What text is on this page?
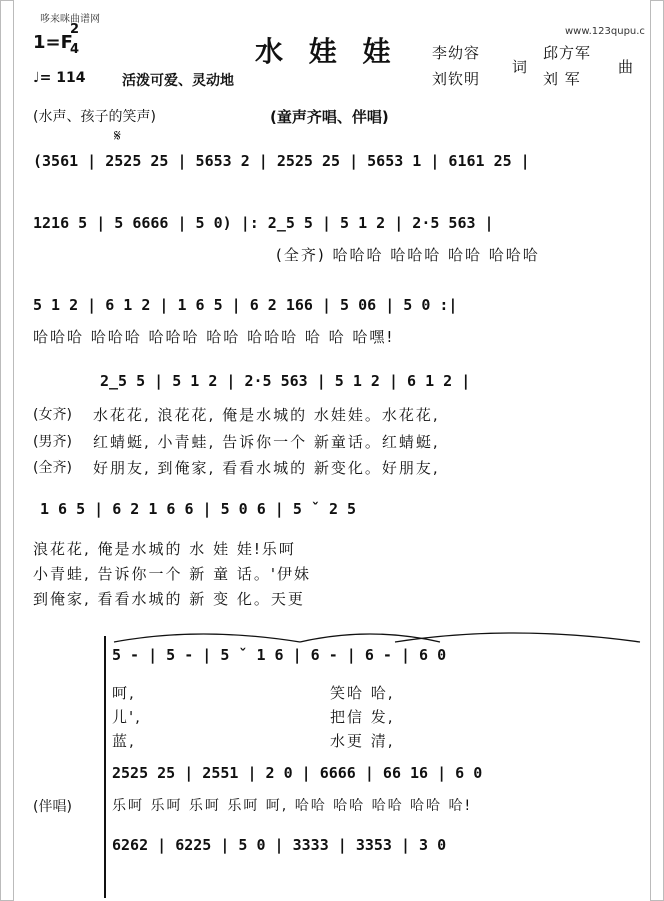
哆来咪曲谱网
www.123qupu.c
1=F
2
4	水 娃 娃 李幼容
刘钦明
词
邱方军
刘 军
曲
♩= 114	活泼可爱、灵动地
(水声、孩子的笑声)	(童声齐唱、伴唱)
𝄋
(3561 | 2525 25 | 5653 2 | 2525 25 | 5653 1 | 6161 25 |
1216 5 | 5 6666 | 5 0) |: 2̲5 5 | 5 1 2 | 2·5 563 |
(全齐) 哈哈哈 哈哈哈 哈哈 哈哈哈
5 1 2 | 6 1 2 | 1 6 5 | 6 2 166 | 5 06 | 5 0 :|
哈哈哈 哈哈哈 哈哈哈 哈哈 哈哈哈 哈 哈 哈嘿!
2̲5 5 | 5 1 2 | 2·5 563 | 5 1 2 | 6 1 2 |
(女齐) 水花花, 浪花花, 俺是水城的 水娃娃。水花花,
(男齐) 红蜻蜓, 小青蛙, 告诉你一个 新童话。红蜻蜓,
(全齐) 好朋友, 到俺家, 看看水城的 新变化。好朋友,
1 6 5 | 6 2 1 6 6 | 5 0 6 | 5 ˇ 2 5
浪花花, 俺是水城的 水 娃 娃!乐呵
小青蛙, 告诉你一个 新 童 话。'伊妹
到俺家, 看看水城的 新 变 化。天更
5 - | 5 - | 5 ˇ 1 6 | 6 - | 6 - | 6 0
呵,	笑哈 哈,
儿',	把信 发,
蓝,	水更 清,
(伴唱)
2525 25 | 2551 | 2 0 | 6666 | 66 16 | 6 0
乐呵 乐呵 乐呵 乐呵 呵, 哈哈 哈哈 哈哈 哈哈 哈!
6262 | 6225 | 5 0 | 3333 | 3353 | 3 0
